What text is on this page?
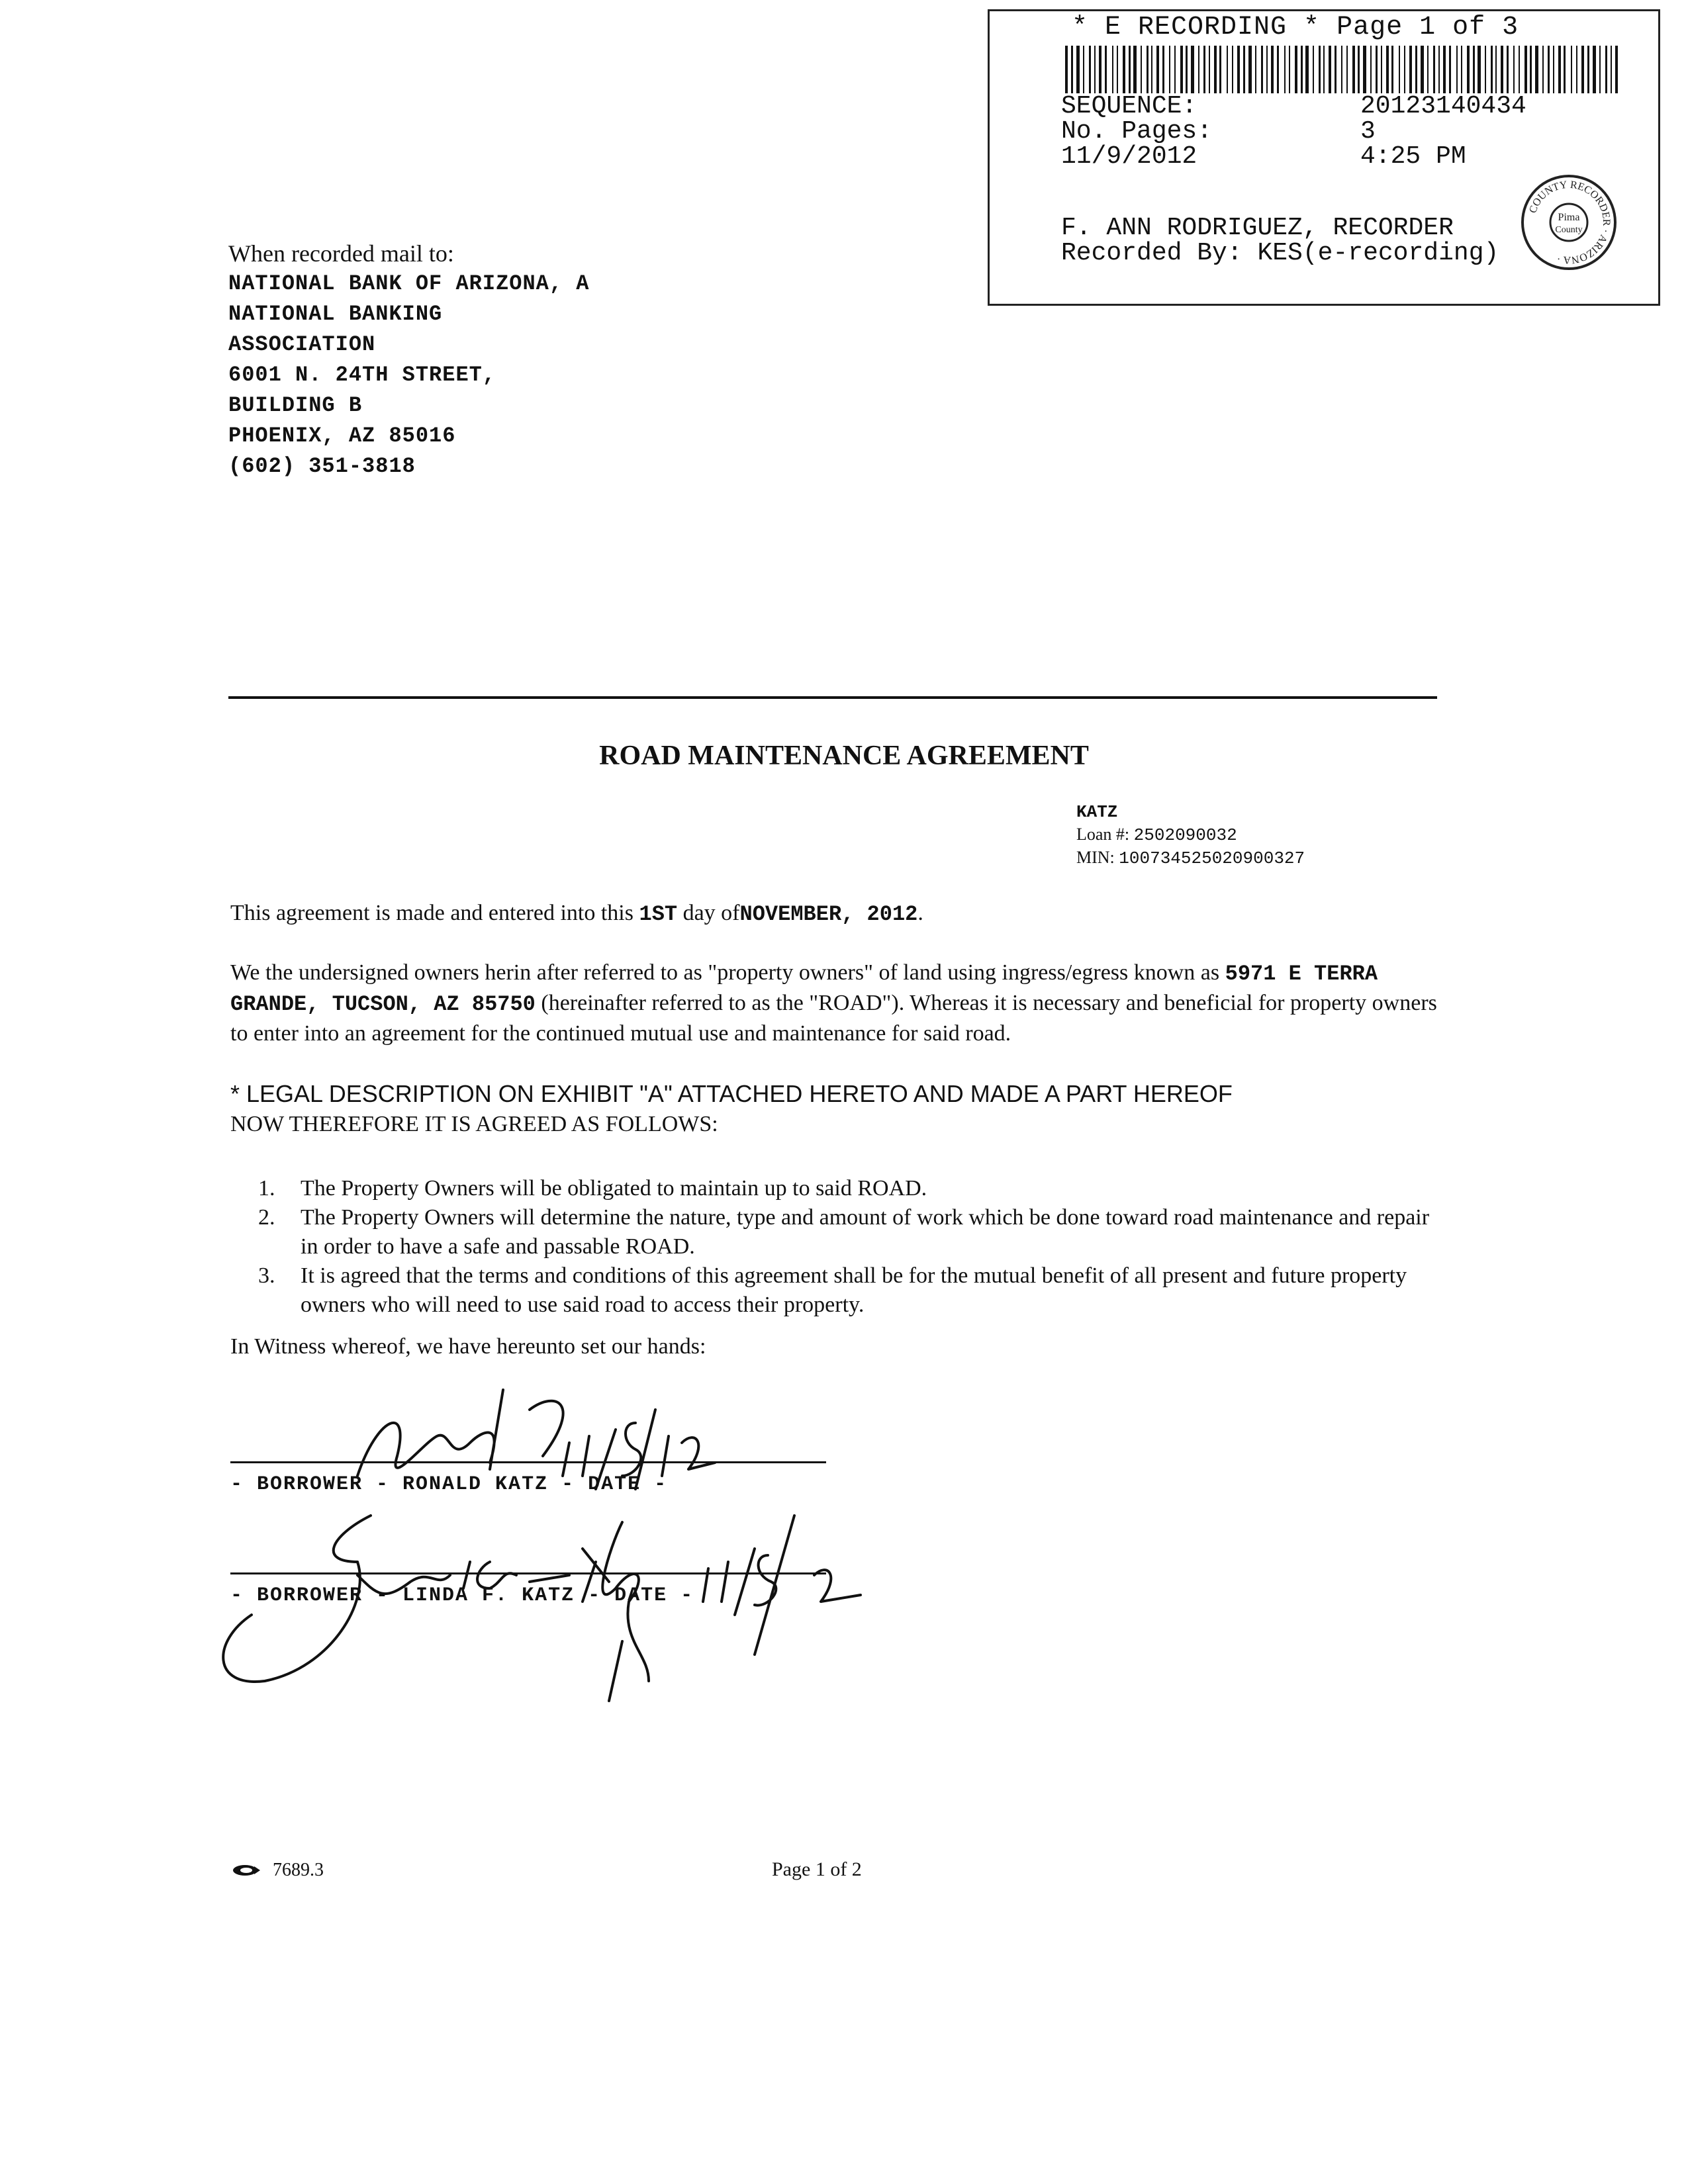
* E RECORDING * Page 1 of 3
SEQUENCE:	20123140434
No. Pages:	3
11/9/2012	4:25 PM
F. ANN RODRIGUEZ, RECORDER
Recorded By: KES(e-recording)
Pima
County
COUNTY RECORDER · ARIZONA ·
When recorded mail to:
NATIONAL BANK OF ARIZONA, A
NATIONAL BANKING
ASSOCIATION
6001 N. 24TH STREET,
BUILDING B
PHOENIX, AZ 85016
(602) 351-3818
ROAD MAINTENANCE AGREEMENT
KATZ
Loan #: 2502090032
MIN: 100734525020900327
This agreement is made and entered into this 1ST day ofNOVEMBER, 2012.
We the undersigned owners herin after referred to as "property owners" of land using ingress/egress known as 5971 E TERRA GRANDE, TUCSON, AZ 85750 (hereinafter referred to as the "ROAD"). Whereas it is necessary and beneficial for property owners to enter into an agreement for the continued mutual use and maintenance for said road.
* LEGAL DESCRIPTION ON EXHIBIT "A" ATTACHED HERETO AND MADE A PART HEREOF
NOW THEREFORE IT IS AGREED AS FOLLOWS:
1. The Property Owners will be obligated to maintain up to said ROAD.
2. The Property Owners will determine the nature, type and amount of work which be done toward road maintenance and repair in order to have a safe and passable ROAD.
3. It is agreed that the terms and conditions of this agreement shall be for the mutual benefit of all present and future property owners who will need to use said road to access their property.
In Witness whereof, we have hereunto set our hands:
- BORROWER - RONALD KATZ - DATE -
- BORROWER - LINDA F. KATZ - DATE -
7689.3	Page 1 of 2
